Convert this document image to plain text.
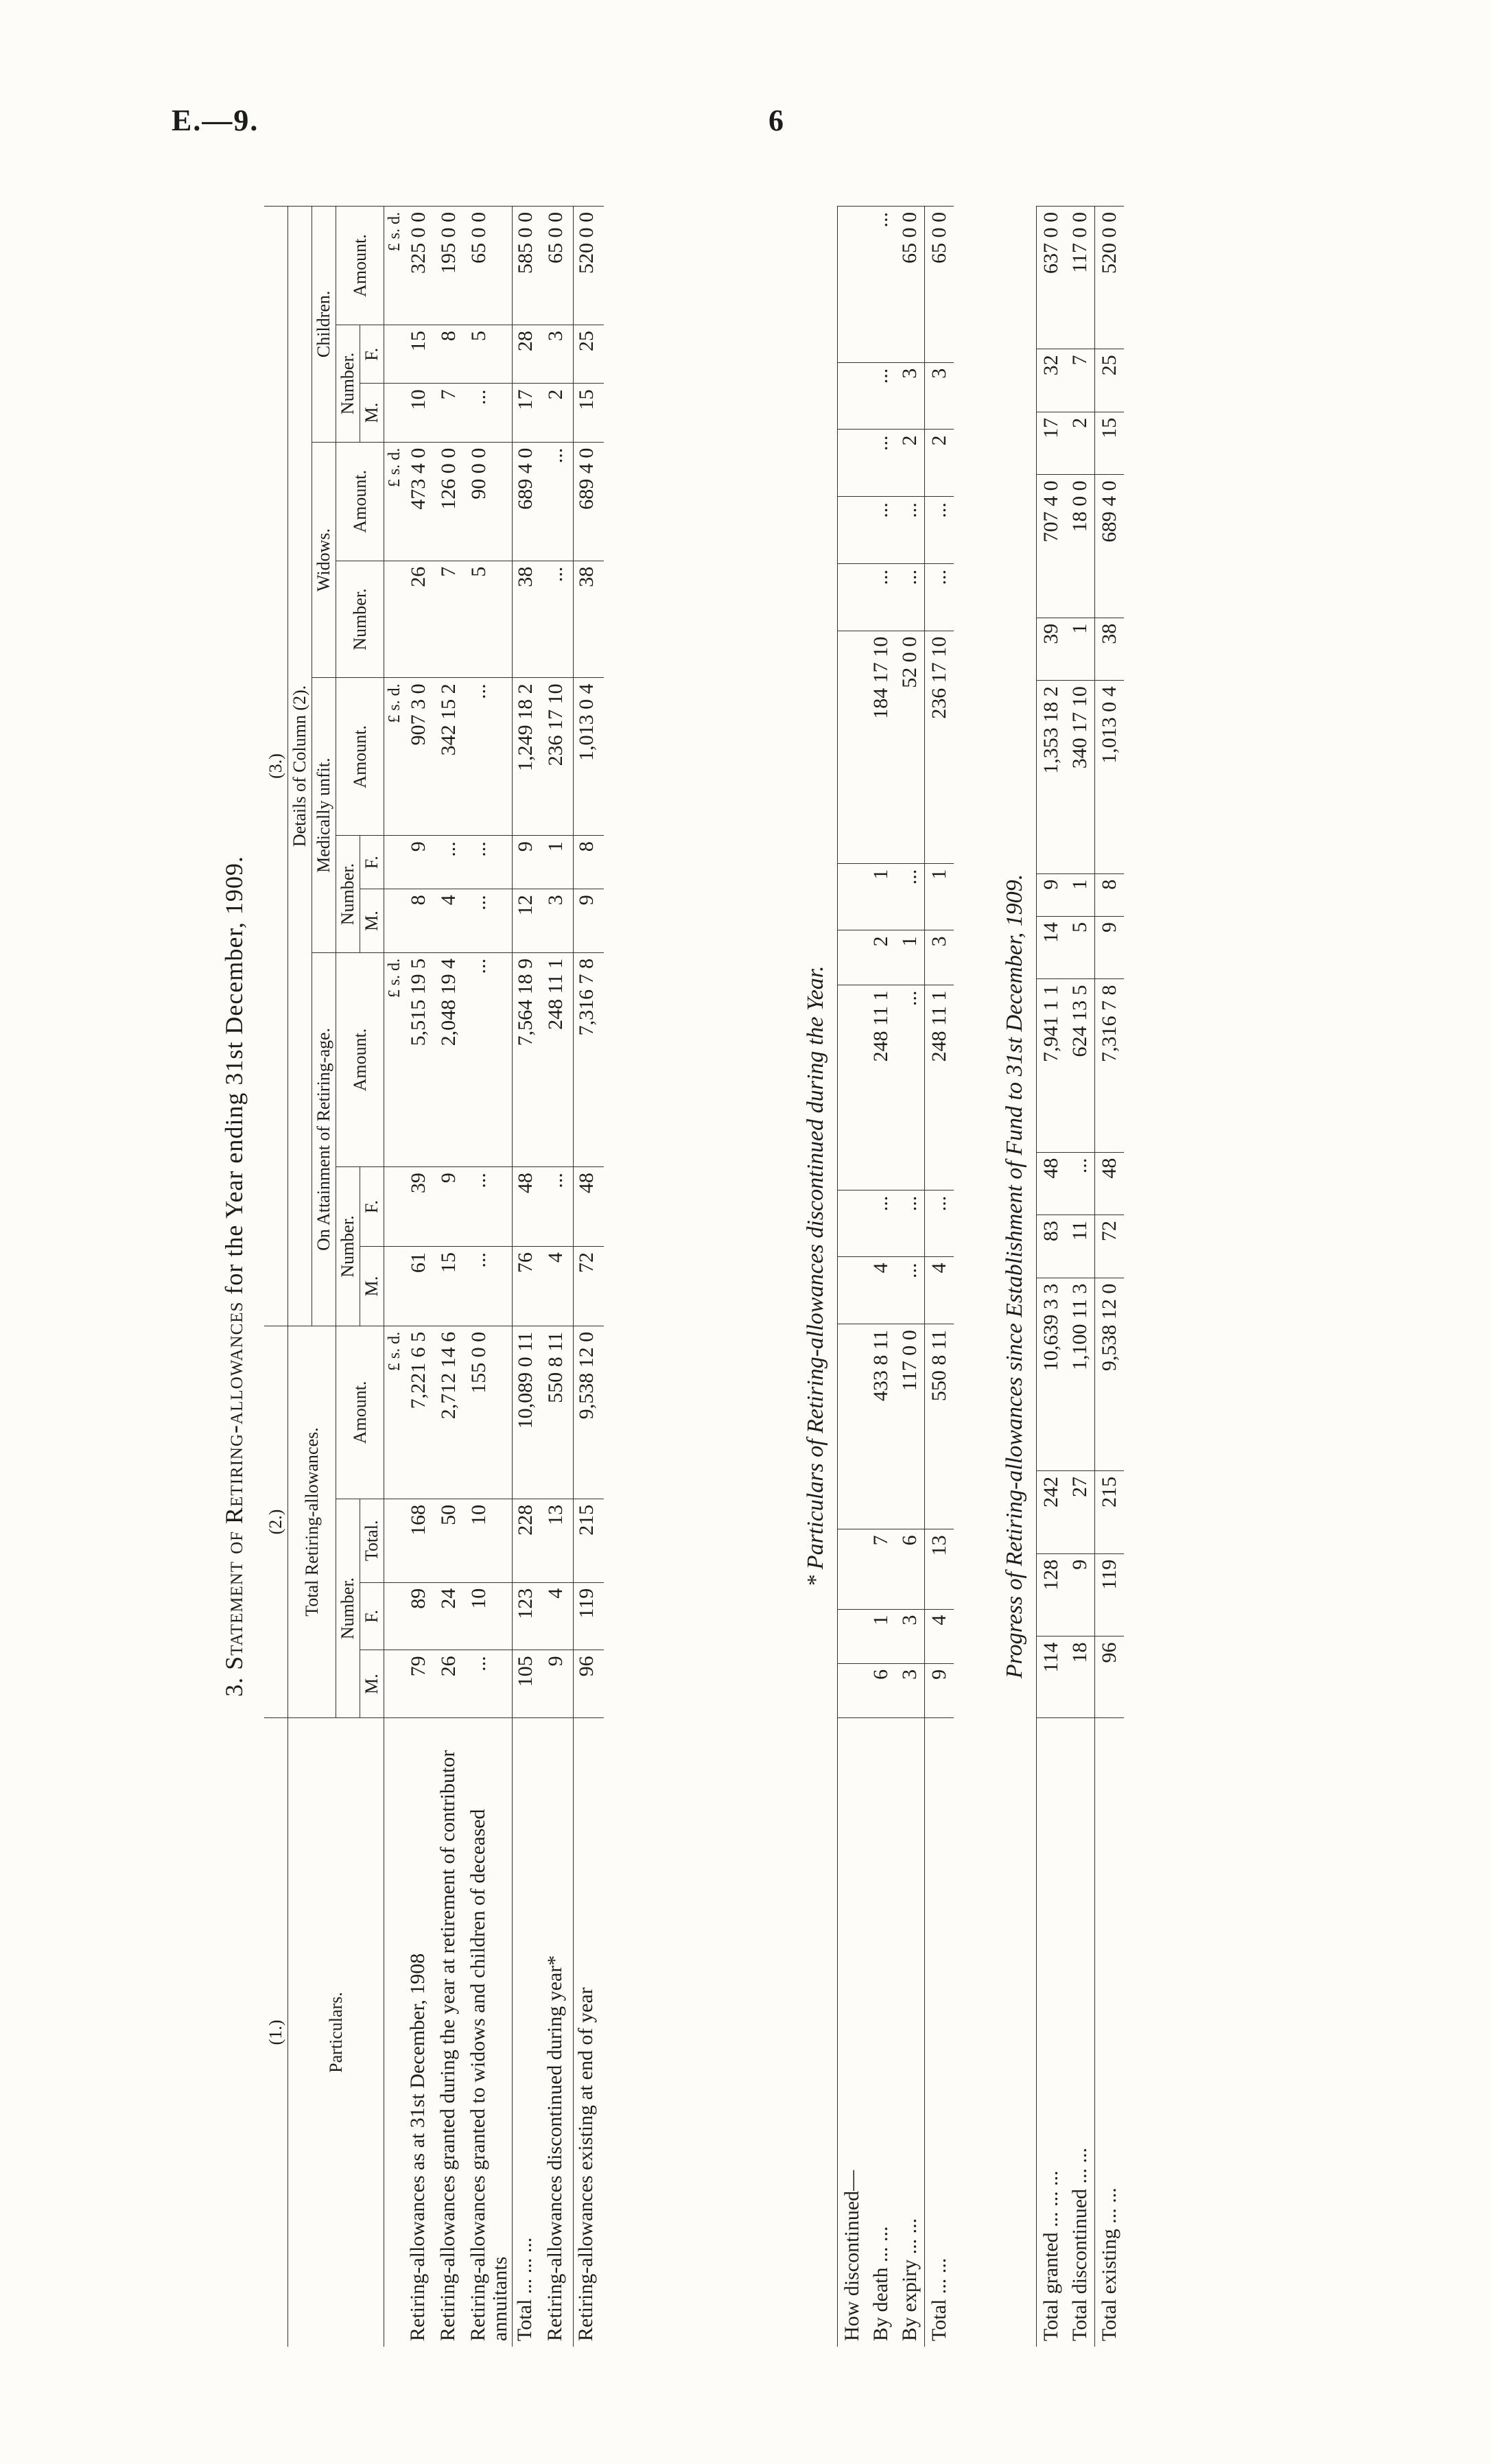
E.—9.	6
3. Statement of Retiring-allowances for the Year ending 31st December, 1909.
(1.)	(2.)				(3.)										
Particulars.	Total Retiring-allowances.				Details of Column (2).										
					On Attainment of Retiring-age.			Medically unfit.			Widows.		Children.		
	Number.			Amount.	Number.		Amount.	Number.		Amount.	Number.	Amount.	Number.		Amount.
	M.	F.	Total.		M.	F.		M.	F.				M.	F.	
				£ s. d.			£ s. d.			£ s. d.		£ s. d.			£ s. d.
Retiring-allowances as at 31st December, 1908	79	89	168	7,221 6 5	61	39	5,515 19 5	8	9	907 3 0	26	473 4 0	10	15	325 0 0
Retiring-allowances granted during the year at retirement of contributor	26	24	50	2,712 14 6	15	9	2,048 19 4	4	...	342 15 2	7	126 0 0	7	8	195 0 0
Retiring-allowances granted to widows and children of deceased annuitants	...	10	10	155 0 0	...	...	...	...	...	...	5	90 0 0	...	5	65 0 0
Total ... ... ...	105	123	228	10,089 0 11	76	48	7,564 18 9	12	9	1,249 18 2	38	689 4 0	17	28	585 0 0
Retiring-allowances discontinued during year*	9	4	13	550 8 11	4	...	248 11 1	3	1	236 17 10	...	...	2	3	65 0 0
Retiring-allowances existing at end of year	96	119	215	9,538 12 0	72	48	7,316 7 8	9	8	1,013 0 4	38	689 4 0	15	25	520 0 0
* Particulars of Retiring-allowances discontinued during the Year.
How discontinued—															
By death ... ...	6	1	7	433 8 11	4	...	248 11 1	2	1	184 17 10	...	...	...	...	...
By expiry ... ...	3	3	6	117 0 0	...	...	...	1	...	52 0 0	...	...	2	3	65 0 0
Total ... ...	9	4	13	550 8 11	4	...	248 11 1	3	1	236 17 10	...	...	2	3	65 0 0
Progress of Retiring-allowances since Establishment of Fund to 31st December, 1909.
Total granted ... ... ...	114	128	242	10,639 3 3	83	48	7,941 1 1	14	9	1,353 18 2	39	707 4 0	17	32	637 0 0
Total discontinued ... ...	18	9	27	1,100 11 3	11	...	624 13 5	5	1	340 17 10	1	18 0 0	2	7	117 0 0
Total existing ... ...	96	119	215	9,538 12 0	72	48	7,316 7 8	9	8	1,013 0 4	38	689 4 0	15	25	520 0 0
